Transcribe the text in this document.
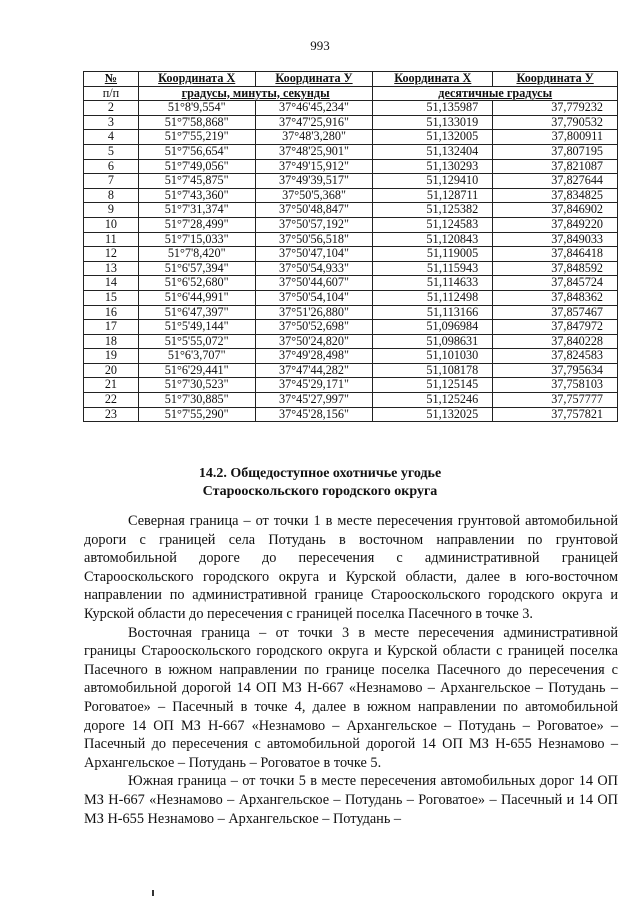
993
№	Координата X	Координата У	Координата X	Координата У
п/п	градусы, минуты, секунды		десятичные градусы	
2	51°8'9,554"	37°46'45,234"	51,135987	37,779232
3	51°7'58,868"	37°47'25,916"	51,133019	37,790532
4	51°7'55,219"	37°48'3,280"	51,132005	37,800911
5	51°7'56,654"	37°48'25,901"	51,132404	37,807195
6	51°7'49,056"	37°49'15,912"	51,130293	37,821087
7	51°7'45,875"	37°49'39,517"	51,129410	37,827644
8	51°7'43,360"	37°50'5,368"	51,128711	37,834825
9	51°7'31,374"	37°50'48,847"	51,125382	37,846902
10	51°7'28,499"	37°50'57,192"	51,124583	37,849220
11	51°7'15,033"	37°50'56,518"	51,120843	37,849033
12	51°7'8,420"	37°50'47,104"	51,119005	37,846418
13	51°6'57,394"	37°50'54,933"	51,115943	37,848592
14	51°6'52,680"	37°50'44,607"	51,114633	37,845724
15	51°6'44,991"	37°50'54,104"	51,112498	37,848362
16	51°6'47,397"	37°51'26,880"	51,113166	37,857467
17	51°5'49,144"	37°50'52,698"	51,096984	37,847972
18	51°5'55,072"	37°50'24,820"	51,098631	37,840228
19	51°6'3,707"	37°49'28,498"	51,101030	37,824583
20	51°6'29,441"	37°47'44,282"	51,108178	37,795634
21	51°7'30,523"	37°45'29,171"	51,125145	37,758103
22	51°7'30,885"	37°45'27,997"	51,125246	37,757777
23	51°7'55,290"	37°45'28,156"	51,132025	37,757821
14.2. Общедоступное охотничье угодье
Старооскольского городского округа

Северная граница – от точки 1 в месте пересечения грунтовой автомобильной дороги с границей села Потудань в восточном направлении по грунтовой автомобильной дороге до пересечения с административной границей Старооскольского городского округа и Курской области, далее в юго-восточном направлении по административной границе Старооскольского городского округа и Курской области до пересечения с границей поселка Пасечного в точке 3.

Восточная граница – от точки 3 в месте пересечения административной границы Старооскольского городского округа и Курской области с границей поселка Пасечного в южном направлении по границе поселка Пасечного до пересечения с автомобильной дорогой 14 ОП МЗ Н-667 «Незнамово – Архангельское – Потудань – Роговатое» – Пасечный в точке 4, далее в южном направлении по автомобильной дороге 14 ОП МЗ Н-667 «Незнамово – Архангельское – Потудань – Роговатое» – Пасечный до пересечения с автомобильной дорогой 14 ОП МЗ Н-655 Незнамово – Архангельское – Потудань – Роговатое в точке 5.

Южная граница – от точки 5 в месте пересечения автомобильных дорог 14 ОП МЗ Н-667 «Незнамово – Архангельское – Потудань – Роговатое» – Пасечный и 14 ОП МЗ Н-655 Незнамово – Архангельское – Потудань –
